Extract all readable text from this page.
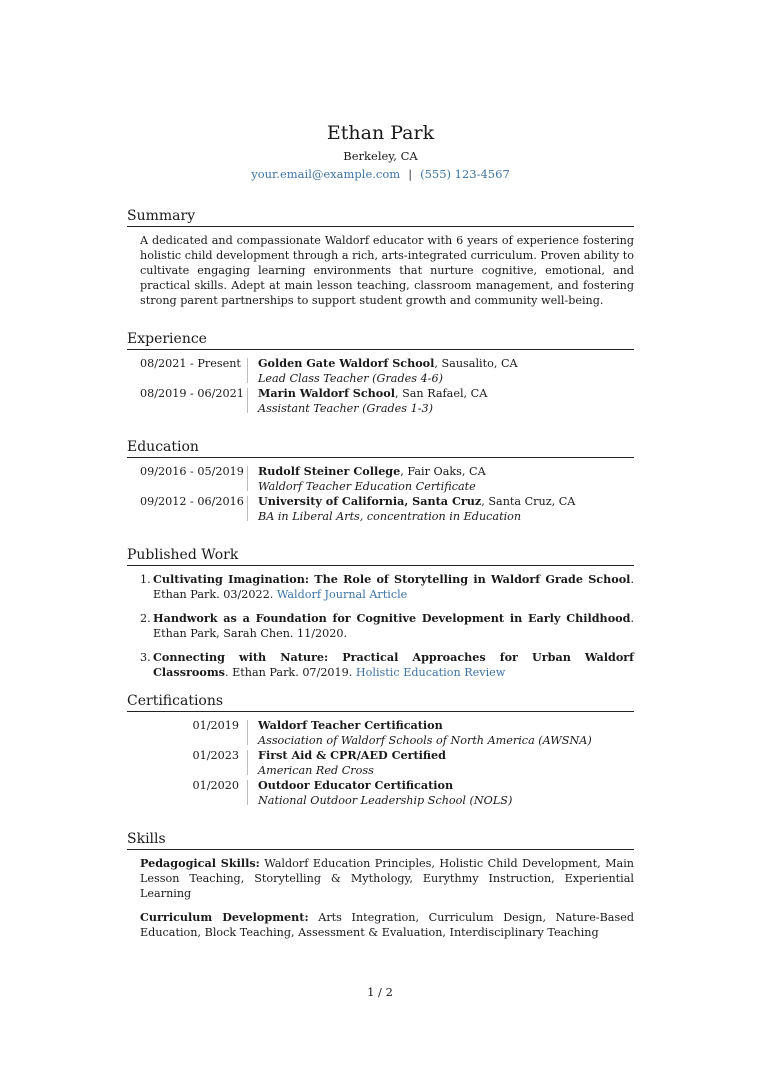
Ethan Park
Berkeley, CA
your.email@example.com | (555) 123-4567
Summary
A dedicated and compassionate Waldorf educator with 6 years of experience fostering holistic child development through a rich, arts-integrated curriculum. Proven ability to cultivate engaging learning environments that nurture cognitive, emotional, and practical skills. Adept at main lesson teaching, classroom management, and fostering strong parent partnerships to support student growth and community well-being.
Experience
08/2021 - Present	Golden Gate Waldorf School, Sausalito, CA
Lead Class Teacher (Grades 4-6)
08/2019 - 06/2021 Marin Waldorf School, San Rafael, CA
Assistant Teacher (Grades 1-3)
Education
09/2016 - 05/2019 Rudolf Steiner College, Fair Oaks, CA
Waldorf Teacher Education Certificate
09/2012 - 06/2016 University of California, Santa Cruz, Santa Cruz, CA
BA in Liberal Arts, concentration in Education
Published Work
1. Cultivating Imagination: The Role of Storytelling in Waldorf Grade School. Ethan Park. 03/2022. Waldorf Journal Article
2. Handwork as a Foundation for Cognitive Development in Early Childhood. Ethan Park, Sarah Chen. 11/2020.
3. Connecting with Nature: Practical Approaches for Urban Waldorf Classrooms. Ethan Park. 07/2019. Holistic Education Review
Certifications
01/2019	Waldorf Teacher Certification
Association of Waldorf Schools of North America (AWSNA)
01/2023	First Aid & CPR/AED Certified
American Red Cross
01/2020	Outdoor Educator Certification
National Outdoor Leadership School (NOLS)
Skills
Pedagogical Skills: Waldorf Education Principles, Holistic Child Development, Main Lesson Teaching, Storytelling & Mythology, Eurythmy Instruction, Experiential Learning
Curriculum Development: Arts Integration, Curriculum Design, Nature-Based Education, Block Teaching, Assessment & Evaluation, Interdisciplinary Teaching
1 / 2
